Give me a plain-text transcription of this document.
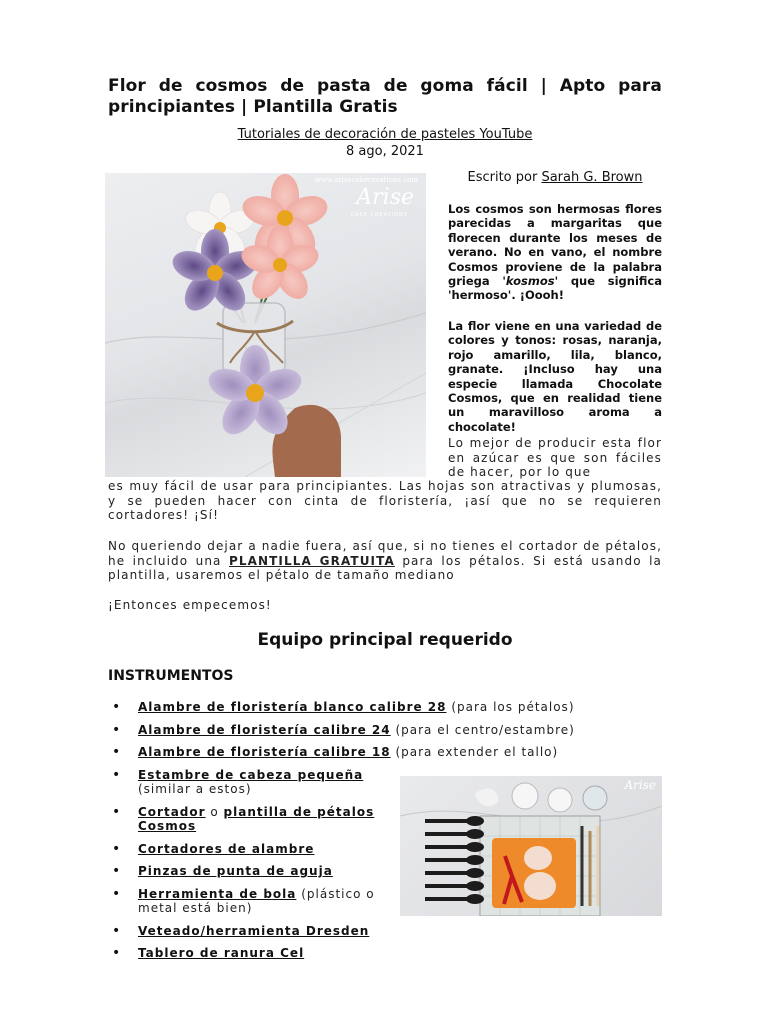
Flor de cosmos de pasta de goma fácil | Apto para principiantes | Plantilla Gratis
Tutoriales de decoración de pasteles YouTube
8 ago, 2021
www.arisecakecreations.com
Arise
CAKE CREATIONS
Escrito por Sarah G. Brown
Los cosmos son hermosas flores parecidas a margaritas que florecen durante los meses de verano. No en vano, el nombre Cosmos proviene de la palabra griega 'kosmos' que significa 'hermoso'. ¡Oooh!
La flor viene en una variedad de colores y tonos: rosas, naranja, rojo amarillo, lila, blanco, granate. ¡Incluso hay una especie llamada Chocolate Cosmos, que en realidad tiene un maravilloso aroma a chocolate!
Lo mejor de producir esta flor en azúcar es que son fáciles de hacer, por lo que
es muy fácil de usar para principiantes. Las hojas son atractivas y plumosas, y se pueden hacer con cinta de floristería, ¡así que no se requieren cortadores! ¡Sí!
No queriendo dejar a nadie fuera, así que, si no tienes el cortador de pétalos, he incluido una PLANTILLA GRATUITA para los pétalos. Si está usando la plantilla, usaremos el pétalo de tamaño mediano
¡Entonces empecemos!
Equipo principal requerido
INSTRUMENTOS
• Alambre de floristería blanco calibre 28 (para los pétalos)
• Alambre de floristería calibre 24 (para el centro/estambre)
• Alambre de floristería calibre 18 (para extender el tallo)
• Estambre de cabeza pequeña
(similar a estos)
• Cortador o plantilla de pétalos Cosmos
• Cortadores de alambre
• Pinzas de punta de aguja
• Herramienta de bola (plástico o metal está bien)
• Veteado/herramienta Dresden
• Tablero de ranura Cel
Arise
